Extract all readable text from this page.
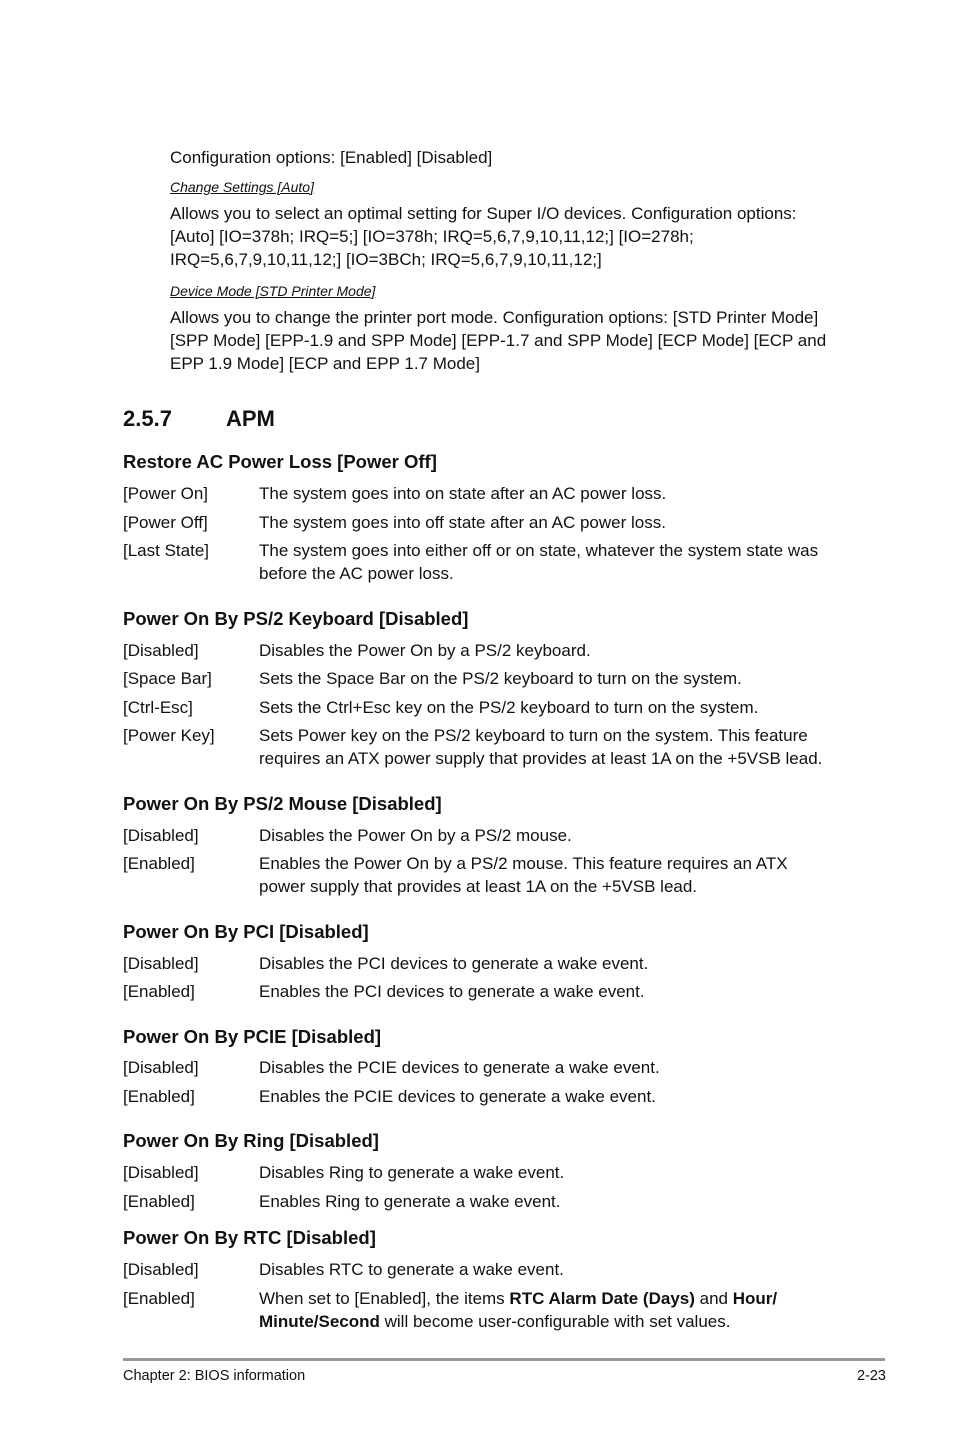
Configuration options: [Enabled] [Disabled]
Change Settings [Auto]
Allows you to select an optimal setting for Super I/O devices. Configuration options: [Auto] [IO=378h; IRQ=5;] [IO=378h; IRQ=5,6,7,9,10,11,12;] [IO=278h; IRQ=5,6,7,9,10,11,12;] [IO=3BCh; IRQ=5,6,7,9,10,11,12;]
Device Mode [STD Printer Mode]
Allows you to change the printer port mode. Configuration options: [STD Printer Mode] [SPP Mode] [EPP-1.9 and SPP Mode] [EPP-1.7 and SPP Mode] [ECP Mode] [ECP and EPP 1.9 Mode] [ECP and EPP 1.7 Mode]
2.5.7 APM
Restore AC Power Loss [Power Off]
[Power On]	The system goes into on state after an AC power loss.
[Power Off]	The system goes into off state after an AC power loss.
[Last State]	The system goes into either off or on state, whatever the system state was before the AC power loss.
Power On By PS/2 Keyboard [Disabled]
[Disabled]	Disables the Power On by a PS/2 keyboard.
[Space Bar]	Sets the Space Bar on the PS/2 keyboard to turn on the system.
[Ctrl-Esc]	Sets the Ctrl+Esc key on the PS/2 keyboard to turn on the system.
[Power Key]	Sets Power key on the PS/2 keyboard to turn on the system. This feature requires an ATX power supply that provides at least 1A on the +5VSB lead.
Power On By PS/2 Mouse [Disabled]
[Disabled]	Disables the Power On by a PS/2 mouse.
[Enabled]	Enables the Power On by a PS/2 mouse. This feature requires an ATX power supply that provides at least 1A on the +5VSB lead.
Power On By PCI [Disabled]
[Disabled]	Disables the PCI devices to generate a wake event.
[Enabled]	Enables the PCI devices to generate a wake event.
Power On By PCIE [Disabled]
[Disabled]	Disables the PCIE devices to generate a wake event.
[Enabled]	Enables the PCIE devices to generate a wake event.
Power On By Ring [Disabled]
[Disabled]	Disables Ring to generate a wake event.
[Enabled]	Enables Ring to generate a wake event.
Power On By RTC [Disabled]
[Disabled]	Disables RTC to generate a wake event.
[Enabled]	When set to [Enabled], the items RTC Alarm Date (Days) and Hour/ Minute/Second will become user-configurable with set values.
Chapter 2: BIOS information	2-23
